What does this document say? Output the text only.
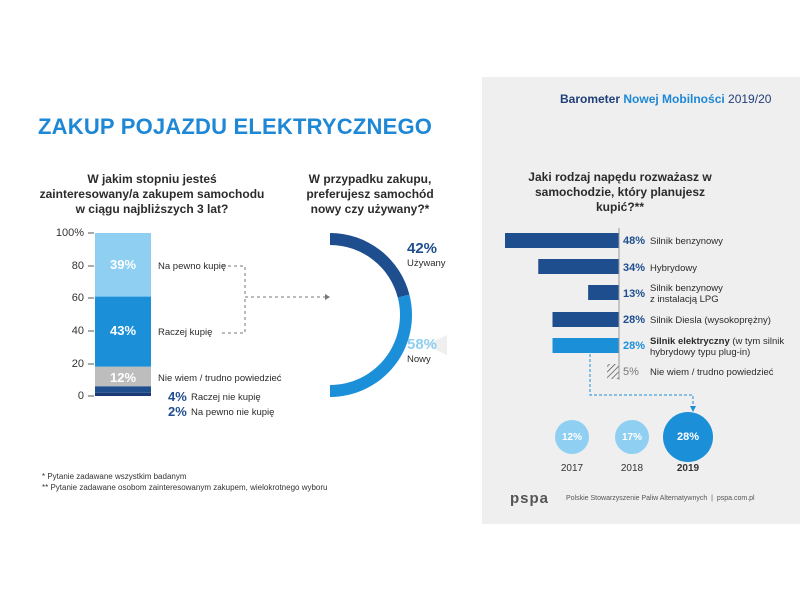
Barometer Nowej Mobilności 2019/20
ZAKUP POJAZDU ELEKTRYCZNEGO
W jakim stopniu jesteś zainteresowany/a zakupem samochodu w ciągu najbliższych 3 lat?
W przypadku zakupu, preferujesz samochód nowy czy używany?*
Jaki rodzaj napędu rozważasz w samochodzie, który planujesz kupić?**
100%
80
60
40
20
0
39%
43%
12%
Na pewno kupię
Raczej kupię
Nie wiem / trudno powiedzieć
4% Raczej nie kupię
2% Na pewno nie kupię
42%
Używany
58%
Nowy
48% Silnik benzynowy
34% Hybrydowy
13% Silnik benzynowy
z instalacją LPG
28% Silnik Diesla (wysokoprężny)
28% Silnik elektryczny (w tym silnik
hybrydowy typu plug-in)
5% Nie wiem / trudno powiedzieć
12%	17%	28%
2017	2018	2019
* Pytanie zadawane wszystkim badanym
** Pytanie zadawane osobom zainteresowanym zakupem, wielokrotnego wyboru
pspa Polskie Stowarzyszenie Paliw Alternatywnych | pspa.com.pl
